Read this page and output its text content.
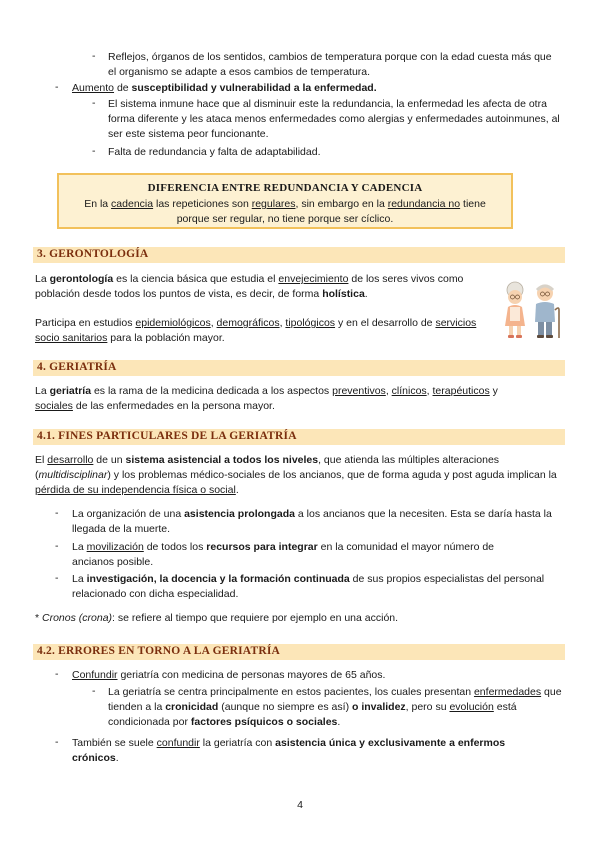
- Reflejos, órganos de los sentidos, cambios de temperatura porque con la edad cuesta más que el organismo se adapte a esos cambios de temperatura.
- Aumento de susceptibilidad y vulnerabilidad a la enfermedad.
- El sistema inmune hace que al disminuir este la redundancia, la enfermedad les afecta de otra forma diferente y les ataca menos enfermedades como alergias y enfermedades autoinmunes, al ser este sistema peor funcionante.
- Falta de redundancia y falta de adaptabilidad.
DIFERENCIA ENTRE REDUNDANCIA Y CADENCIA
En la cadencia las repeticiones son regulares, sin embargo en la redundancia no tiene porque ser regular, no tiene porque ser cíclico.
3. GERONTOLOGÍA
La gerontología es la ciencia básica que estudia el envejecimiento de los seres vivos como población desde todos los puntos de vista, es decir, de forma holística.
Participa en estudios epidemiológicos, demográficos, tipológicos y en el desarrollo de servicios socio sanitarios para la población mayor.
4. GERIATRÍA
La geriatría es la rama de la medicina dedicada a los aspectos preventivos, clínicos, terapéuticos y sociales de las enfermedades en la persona mayor.
4.1. FINES PARTICULARES DE LA GERIATRÍA
El desarrollo de un sistema asistencial a todos los niveles, que atienda las múltiples alteraciones (multidisciplinar) y los problemas médico-sociales de los ancianos, que de forma aguda y post aguda implican la pérdida de su independencia física o social.
- La organización de una asistencia prolongada a los ancianos que la necesiten. Esta se daría hasta la llegada de la muerte.
- La movilización de todos los recursos para integrar en la comunidad el mayor número de ancianos posible.
- La investigación, la docencia y la formación continuada de sus propios especialistas del personal relacionado con dicha especialidad.
* Cronos (crona): se refiere al tiempo que requiere por ejemplo en una acción.
4.2. ERRORES EN TORNO A LA GERIATRÍA
- Confundir geriatría con medicina de personas mayores de 65 años.
- La geriatría se centra principalmente en estos pacientes, los cuales presentan enfermedades que tienden a la cronicidad (aunque no siempre es así) o invalidez, pero su evolución está condicionada por factores psíquicos o sociales.
- También se suele confundir la geriatría con asistencia única y exclusivamente a enfermos crónicos.
4
